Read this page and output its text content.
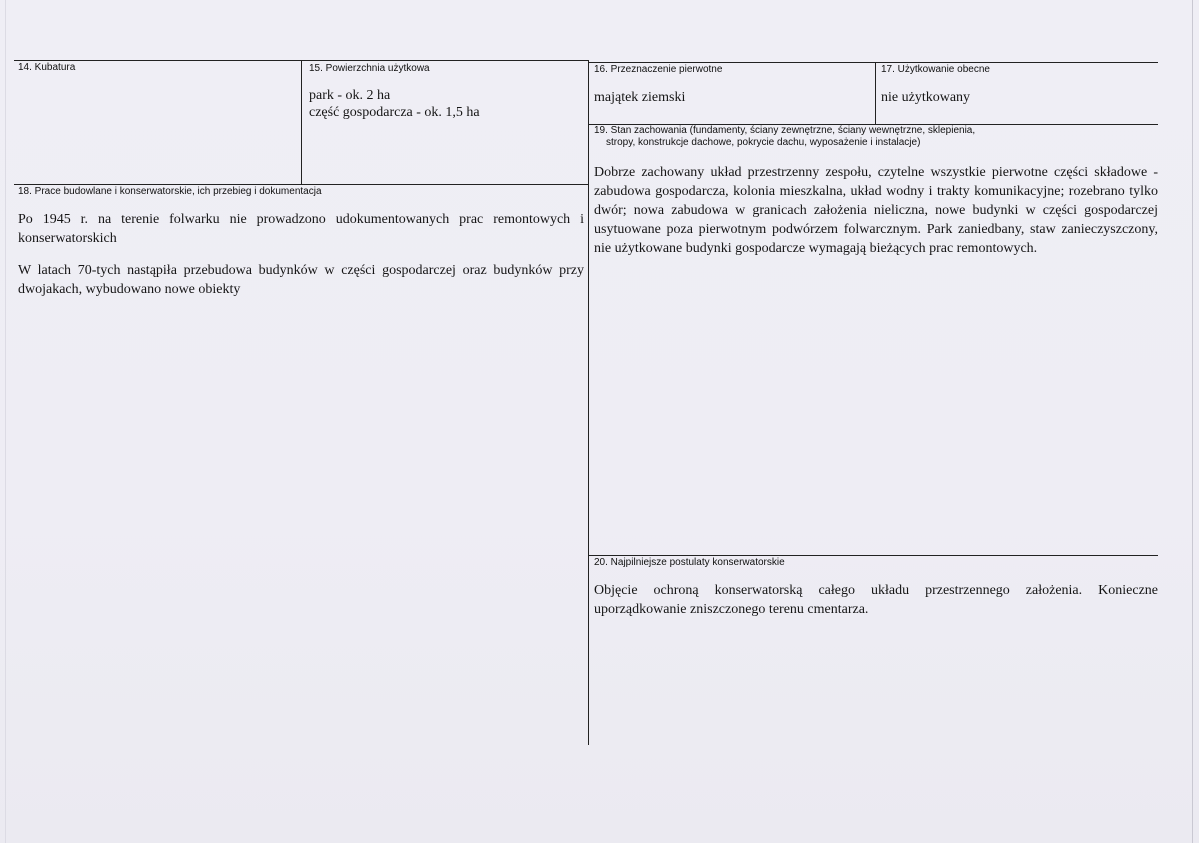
14. Kubatura	15. Powierzchnia użytkowa
park - ok. 2 ha
część gospodarcza - ok. 1,5 ha
16. Przeznaczenie pierwotne
majątek ziemski
17. Użytkowanie obecne
nie użytkowany
19. Stan zachowania (fundamenty, ściany zewnętrzne, ściany wewnętrzne, sklepienia,
stropy, konstrukcje dachowe, pokrycie dachu, wyposażenie i instalacje)
Dobrze zachowany układ przestrzenny zespołu, czytelne wszystkie pierwotne części składowe - zabudowa gospodarcza, kolonia mieszkalna, układ wodny i trakty komunikacyjne; rozebrano tylko dwór; nowa zabudowa w granicach założenia nieliczna, nowe budynki w części gospodarczej usytuowane poza pierwotnym podwórzem folwarcznym. Park zaniedbany, staw zanieczyszczony, nie użytkowane budynki gospodarcze wymagają bieżących prac remontowych.
18. Prace budowlane i konserwatorskie, ich przebieg i dokumentacja
Po 1945 r. na terenie folwarku nie prowadzono udokumentowanych prac remontowych i konserwatorskich
W latach 70-tych nastąpiła przebudowa budynków w części gospodarczej oraz budynków przy dwojakach, wybudowano nowe obiekty
20. Najpilniejsze postulaty konserwatorskie
Objęcie ochroną konserwatorską całego układu przestrzennego założenia. Konieczne uporządkowanie zniszczonego terenu cmentarza.
